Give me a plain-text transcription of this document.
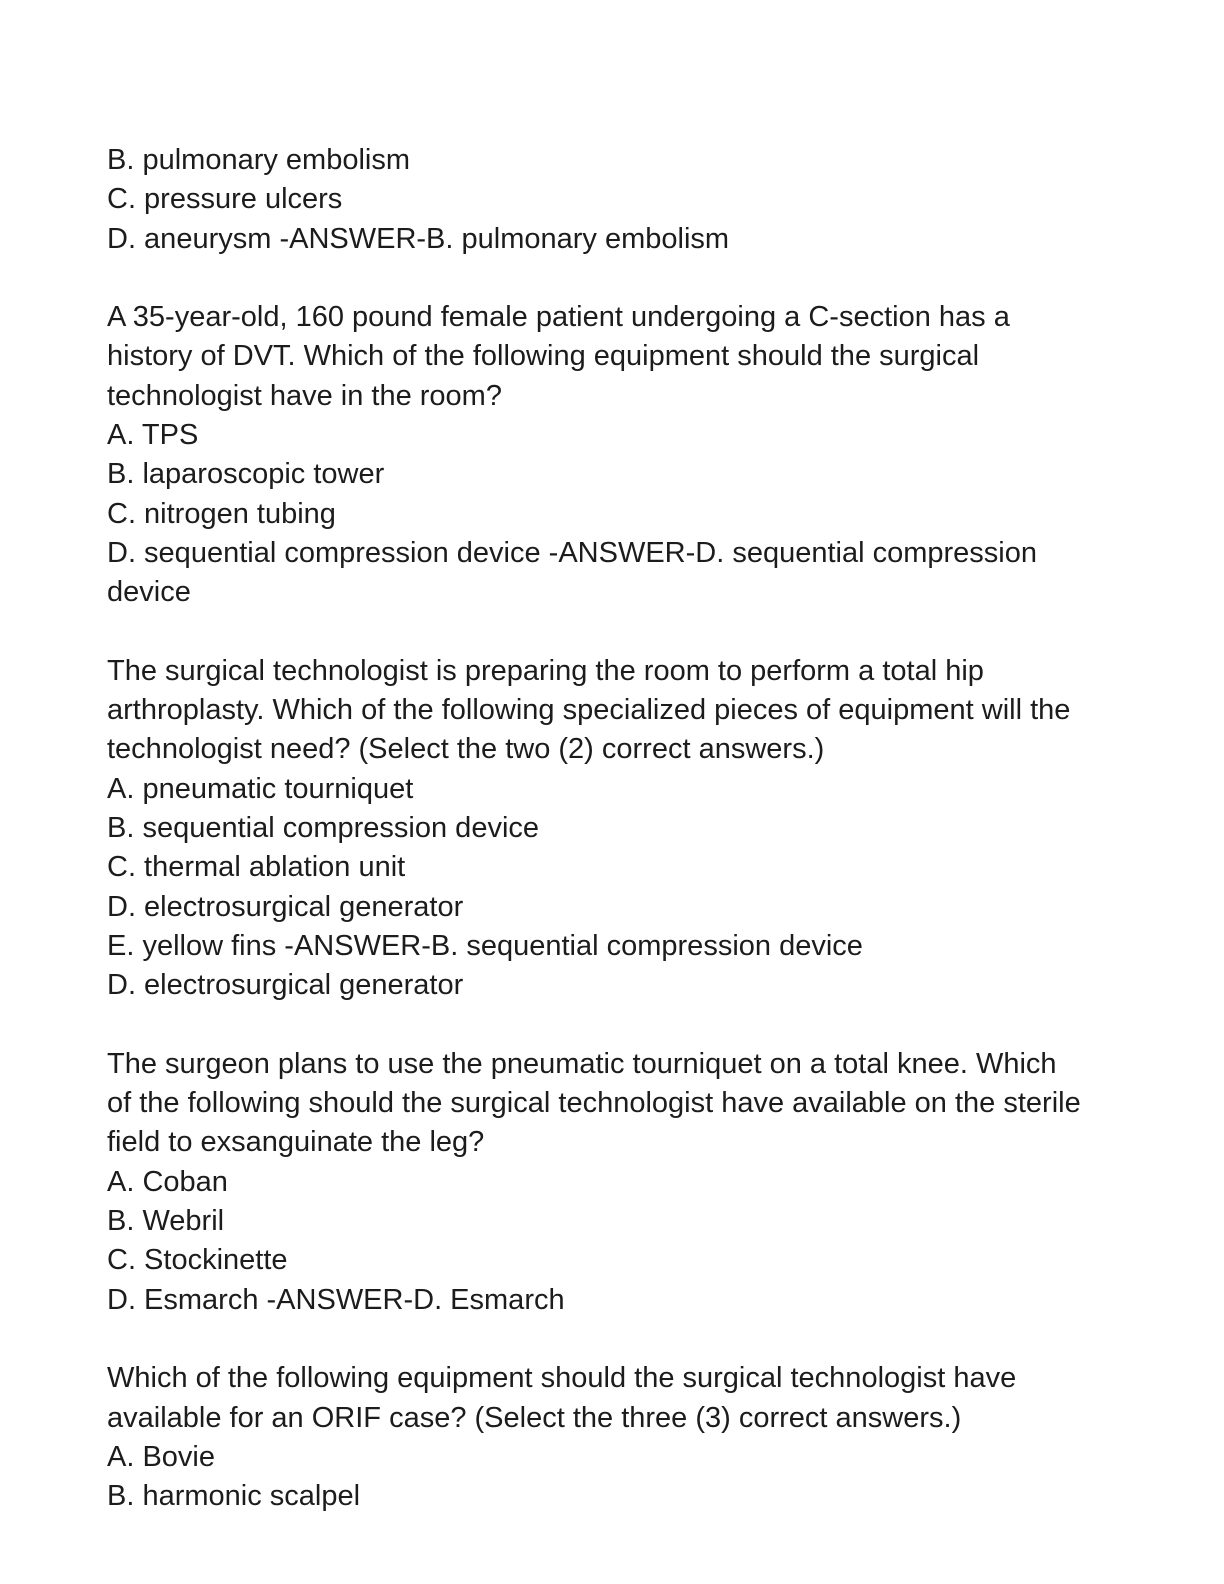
B. pulmonary embolism
C. pressure ulcers
D. aneurysm -ANSWER-B. pulmonary embolism
A 35-year-old, 160 pound female patient undergoing a C-section has a
history of DVT. Which of the following equipment should the surgical
technologist have in the room?
A. TPS
B. laparoscopic tower
C. nitrogen tubing
D. sequential compression device -ANSWER-D. sequential compression
device
The surgical technologist is preparing the room to perform a total hip
arthroplasty. Which of the following specialized pieces of equipment will the
technologist need? (Select the two (2) correct answers.)
A. pneumatic tourniquet
B. sequential compression device
C. thermal ablation unit
D. electrosurgical generator
E. yellow fins -ANSWER-B. sequential compression device
D. electrosurgical generator
The surgeon plans to use the pneumatic tourniquet on a total knee. Which
of the following should the surgical technologist have available on the sterile
field to exsanguinate the leg?
A. Coban
B. Webril
C. Stockinette
D. Esmarch -ANSWER-D. Esmarch
Which of the following equipment should the surgical technologist have
available for an ORIF case? (Select the three (3) correct answers.)
A. Bovie
B. harmonic scalpel
